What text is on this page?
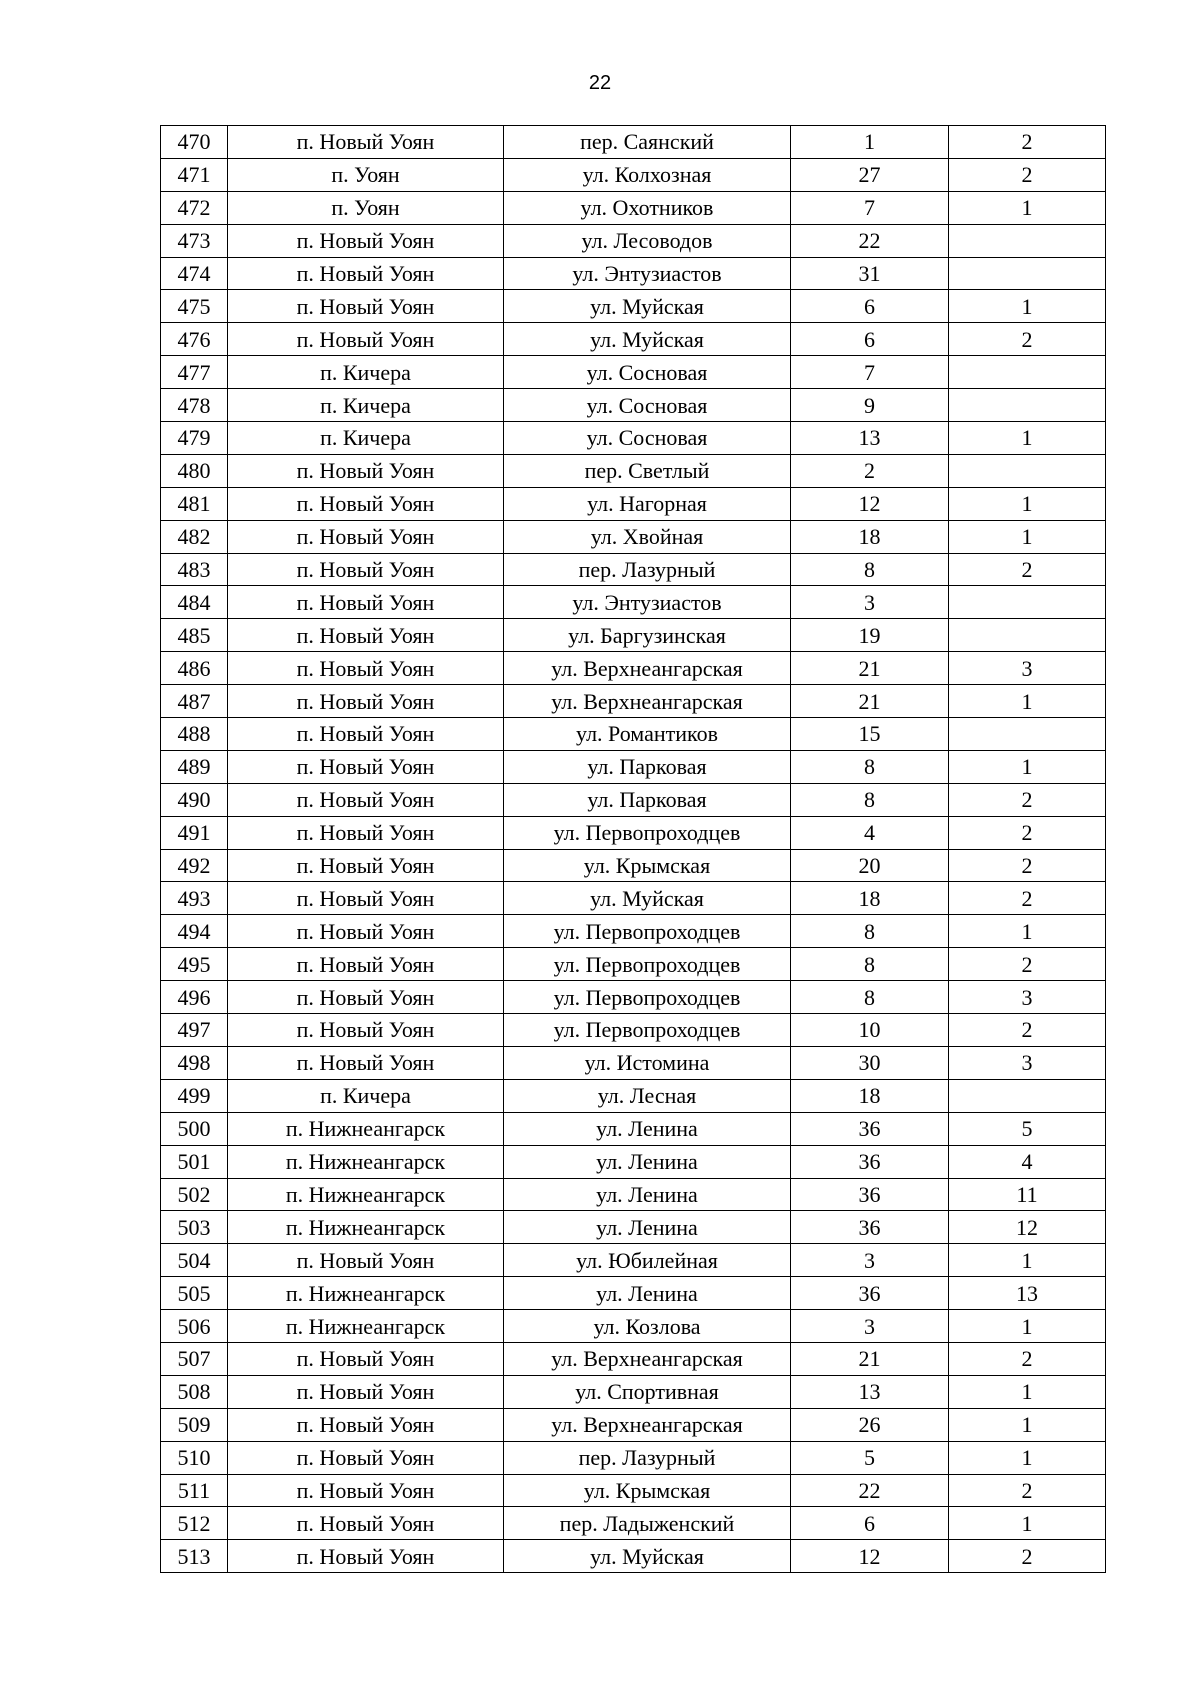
22
470	п. Новый Уоян	пер. Саянский	1	2
471	п. Уоян	ул. Колхозная	27	2
472	п. Уоян	ул. Охотников	7	1
473	п. Новый Уоян	ул. Лесоводов	22	
474	п. Новый Уоян	ул. Энтузиастов	31	
475	п. Новый Уоян	ул. Муйская	6	1
476	п. Новый Уоян	ул. Муйская	6	2
477	п. Кичера	ул. Сосновая	7	
478	п. Кичера	ул. Сосновая	9	
479	п. Кичера	ул. Сосновая	13	1
480	п. Новый Уоян	пер. Светлый	2	
481	п. Новый Уоян	ул. Нагорная	12	1
482	п. Новый Уоян	ул. Хвойная	18	1
483	п. Новый Уоян	пер. Лазурный	8	2
484	п. Новый Уоян	ул. Энтузиастов	3	
485	п. Новый Уоян	ул. Баргузинская	19	
486	п. Новый Уоян	ул. Верхнеангарская	21	3
487	п. Новый Уоян	ул. Верхнеангарская	21	1
488	п. Новый Уоян	ул. Романтиков	15	
489	п. Новый Уоян	ул. Парковая	8	1
490	п. Новый Уоян	ул. Парковая	8	2
491	п. Новый Уоян	ул. Первопроходцев	4	2
492	п. Новый Уоян	ул. Крымская	20	2
493	п. Новый Уоян	ул. Муйская	18	2
494	п. Новый Уоян	ул. Первопроходцев	8	1
495	п. Новый Уоян	ул. Первопроходцев	8	2
496	п. Новый Уоян	ул. Первопроходцев	8	3
497	п. Новый Уоян	ул. Первопроходцев	10	2
498	п. Новый Уоян	ул. Истомина	30	3
499	п. Кичера	ул. Лесная	18	
500	п. Нижнеангарск	ул. Ленина	36	5
501	п. Нижнеангарск	ул. Ленина	36	4
502	п. Нижнеангарск	ул. Ленина	36	11
503	п. Нижнеангарск	ул. Ленина	36	12
504	п. Новый Уоян	ул. Юбилейная	3	1
505	п. Нижнеангарск	ул. Ленина	36	13
506	п. Нижнеангарск	ул. Козлова	3	1
507	п. Новый Уоян	ул. Верхнеангарская	21	2
508	п. Новый Уоян	ул. Спортивная	13	1
509	п. Новый Уоян	ул. Верхнеангарская	26	1
510	п. Новый Уоян	пер. Лазурный	5	1
511	п. Новый Уоян	ул. Крымская	22	2
512	п. Новый Уоян	пер. Ладыженский	6	1
513	п. Новый Уоян	ул. Муйская	12	2
